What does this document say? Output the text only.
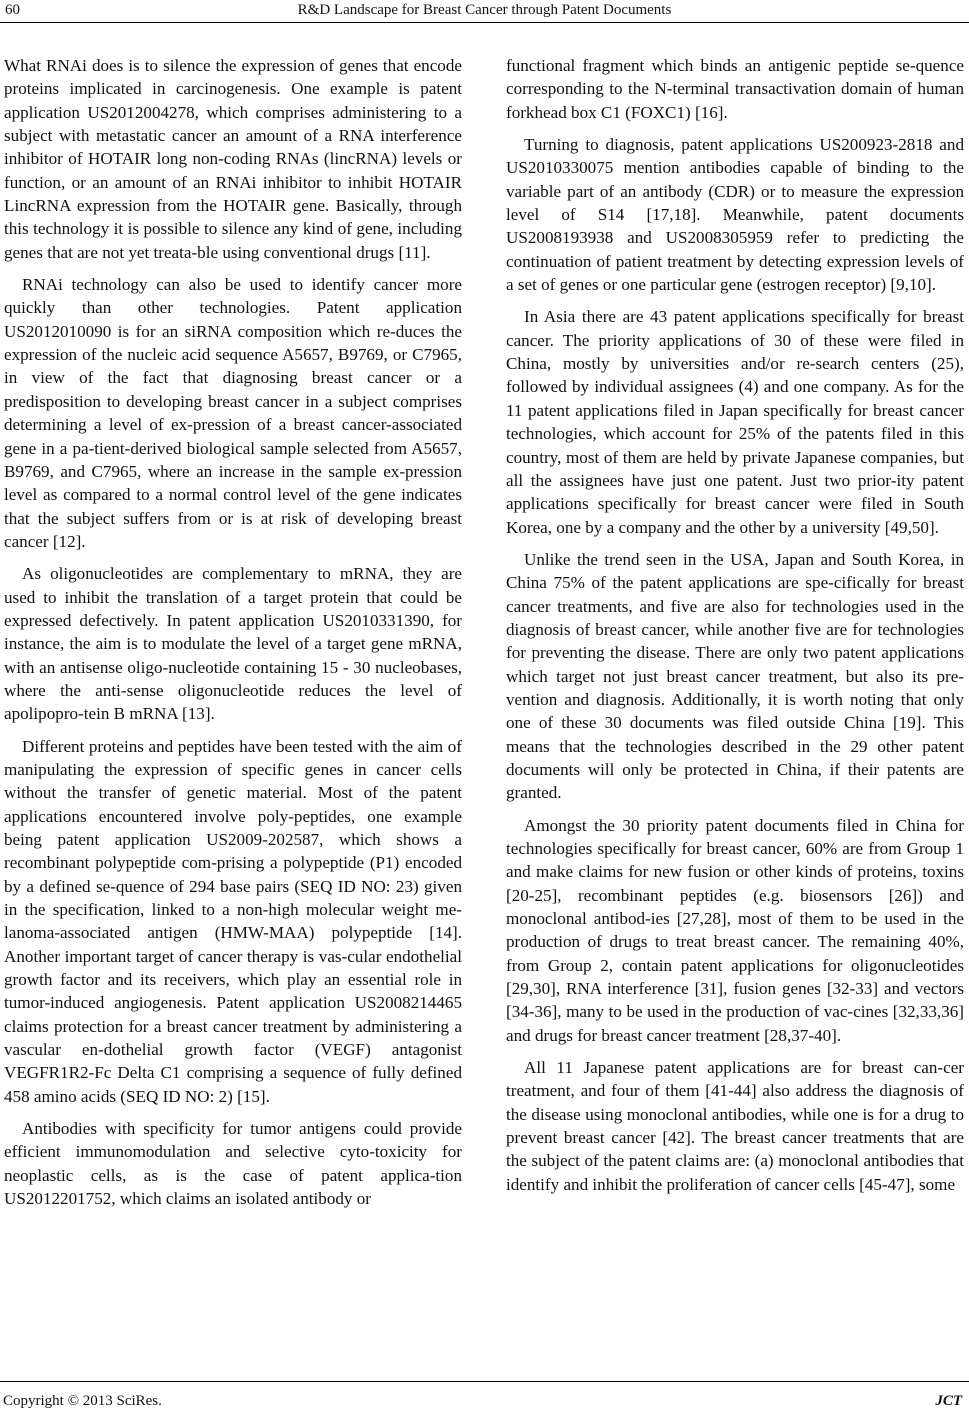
60	R&D Landscape for Breast Cancer through Patent Documents

What RNAi does is to silence the expression of genes that encode proteins implicated in carcinogenesis. One example is patent application US2012004278, which comprises administering to a subject with metastatic cancer an amount of a RNA interference inhibitor of HOTAIR long non-coding RNAs (lincRNA) levels or function, or an amount of an RNAi inhibitor to inhibit HOTAIR LincRNA expression from the HOTAIR gene. Basically, through this technology it is possible to silence any kind of gene, including genes that are not yet treata-ble using conventional drugs [11].

RNAi technology can also be used to identify cancer more quickly than other technologies. Patent application US2012010090 is for an siRNA composition which re-duces the expression of the nucleic acid sequence A5657, B9769, or C7965, in view of the fact that diagnosing breast cancer or a predisposition to developing breast cancer in a subject comprises determining a level of ex-pression of a breast cancer-associated gene in a pa-tient-derived biological sample selected from A5657, B9769, and C7965, where an increase in the sample ex-pression level as compared to a normal control level of the gene indicates that the subject suffers from or is at risk of developing breast cancer [12].

As oligonucleotides are complementary to mRNA, they are used to inhibit the translation of a target protein that could be expressed defectively. In patent application US2010331390, for instance, the aim is to modulate the level of a target gene mRNA, with an antisense oligo-nucleotide containing 15 - 30 nucleobases, where the anti-sense oligonucleotide reduces the level of apolipopro-tein B mRNA [13].

Different proteins and peptides have been tested with the aim of manipulating the expression of specific genes in cancer cells without the transfer of genetic material. Most of the patent applications encountered involve poly-peptides, one example being patent application US2009-202587, which shows a recombinant polypeptide com-prising a polypeptide (P1) encoded by a defined se-quence of 294 base pairs (SEQ ID NO: 23) given in the specification, linked to a non-high molecular weight me-lanoma-associated antigen (HMW-MAA) polypeptide [14]. Another important target of cancer therapy is vas-cular endothelial growth factor and its receivers, which play an essential role in tumor-induced angiogenesis. Patent application US2008214465 claims protection for a breast cancer treatment by administering a vascular en-dothelial growth factor (VEGF) antagonist VEGFR1R2-Fc Delta C1 comprising a sequence of fully defined 458 amino acids (SEQ ID NO: 2) [15].

Antibodies with specificity for tumor antigens could provide efficient immunomodulation and selective cyto-toxicity for neoplastic cells, as is the case of patent applica-tion US2012201752, which claims an isolated antibody or

functional fragment which binds an antigenic peptide se-quence corresponding to the N-terminal transactivation domain of human forkhead box C1 (FOXC1) [16].

Turning to diagnosis, patent applications US200923-2818 and US2010330075 mention antibodies capable of binding to the variable part of an antibody (CDR) or to measure the expression level of S14 [17,18]. Meanwhile, patent documents US2008193938 and US2008305959 refer to predicting the continuation of patient treatment by detecting expression levels of a set of genes or one particular gene (estrogen receptor) [9,10].

In Asia there are 43 patent applications specifically for breast cancer. The priority applications of 30 of these were filed in China, mostly by universities and/or re-search centers (25), followed by individual assignees (4) and one company. As for the 11 patent applications filed in Japan specifically for breast cancer technologies, which account for 25% of the patents filed in this country, most of them are held by private Japanese companies, but all the assignees have just one patent. Just two prior-ity patent applications specifically for breast cancer were filed in South Korea, one by a company and the other by a university [49,50].

Unlike the trend seen in the USA, Japan and South Korea, in China 75% of the patent applications are spe-cifically for breast cancer treatments, and five are also for technologies used in the diagnosis of breast cancer, while another five are for technologies for preventing the disease. There are only two patent applications which target not just breast cancer treatment, but also its pre-vention and diagnosis. Additionally, it is worth noting that only one of these 30 documents was filed outside China [19]. This means that the technologies described in the 29 other patent documents will only be protected in China, if their patents are granted.

Amongst the 30 priority patent documents filed in China for technologies specifically for breast cancer, 60% are from Group 1 and make claims for new fusion or other kinds of proteins, toxins [20-25], recombinant peptides (e.g. biosensors [26]) and monoclonal antibod-ies [27,28], most of them to be used in the production of drugs to treat breast cancer. The remaining 40%, from Group 2, contain patent applications for oligonucleotides [29,30], RNA interference [31], fusion genes [32-33] and vectors [34-36], many to be used in the production of vac-cines [32,33,36] and drugs for breast cancer treatment [28,37-40].

All 11 Japanese patent applications are for breast can-cer treatment, and four of them [41-44] also address the diagnosis of the disease using monoclonal antibodies, while one is for a drug to prevent breast cancer [42]. The breast cancer treatments that are the subject of the patent claims are: (a) monoclonal antibodies that identify and inhibit the proliferation of cancer cells [45-47], some

Copyright © 2013 SciRes.	JCT
